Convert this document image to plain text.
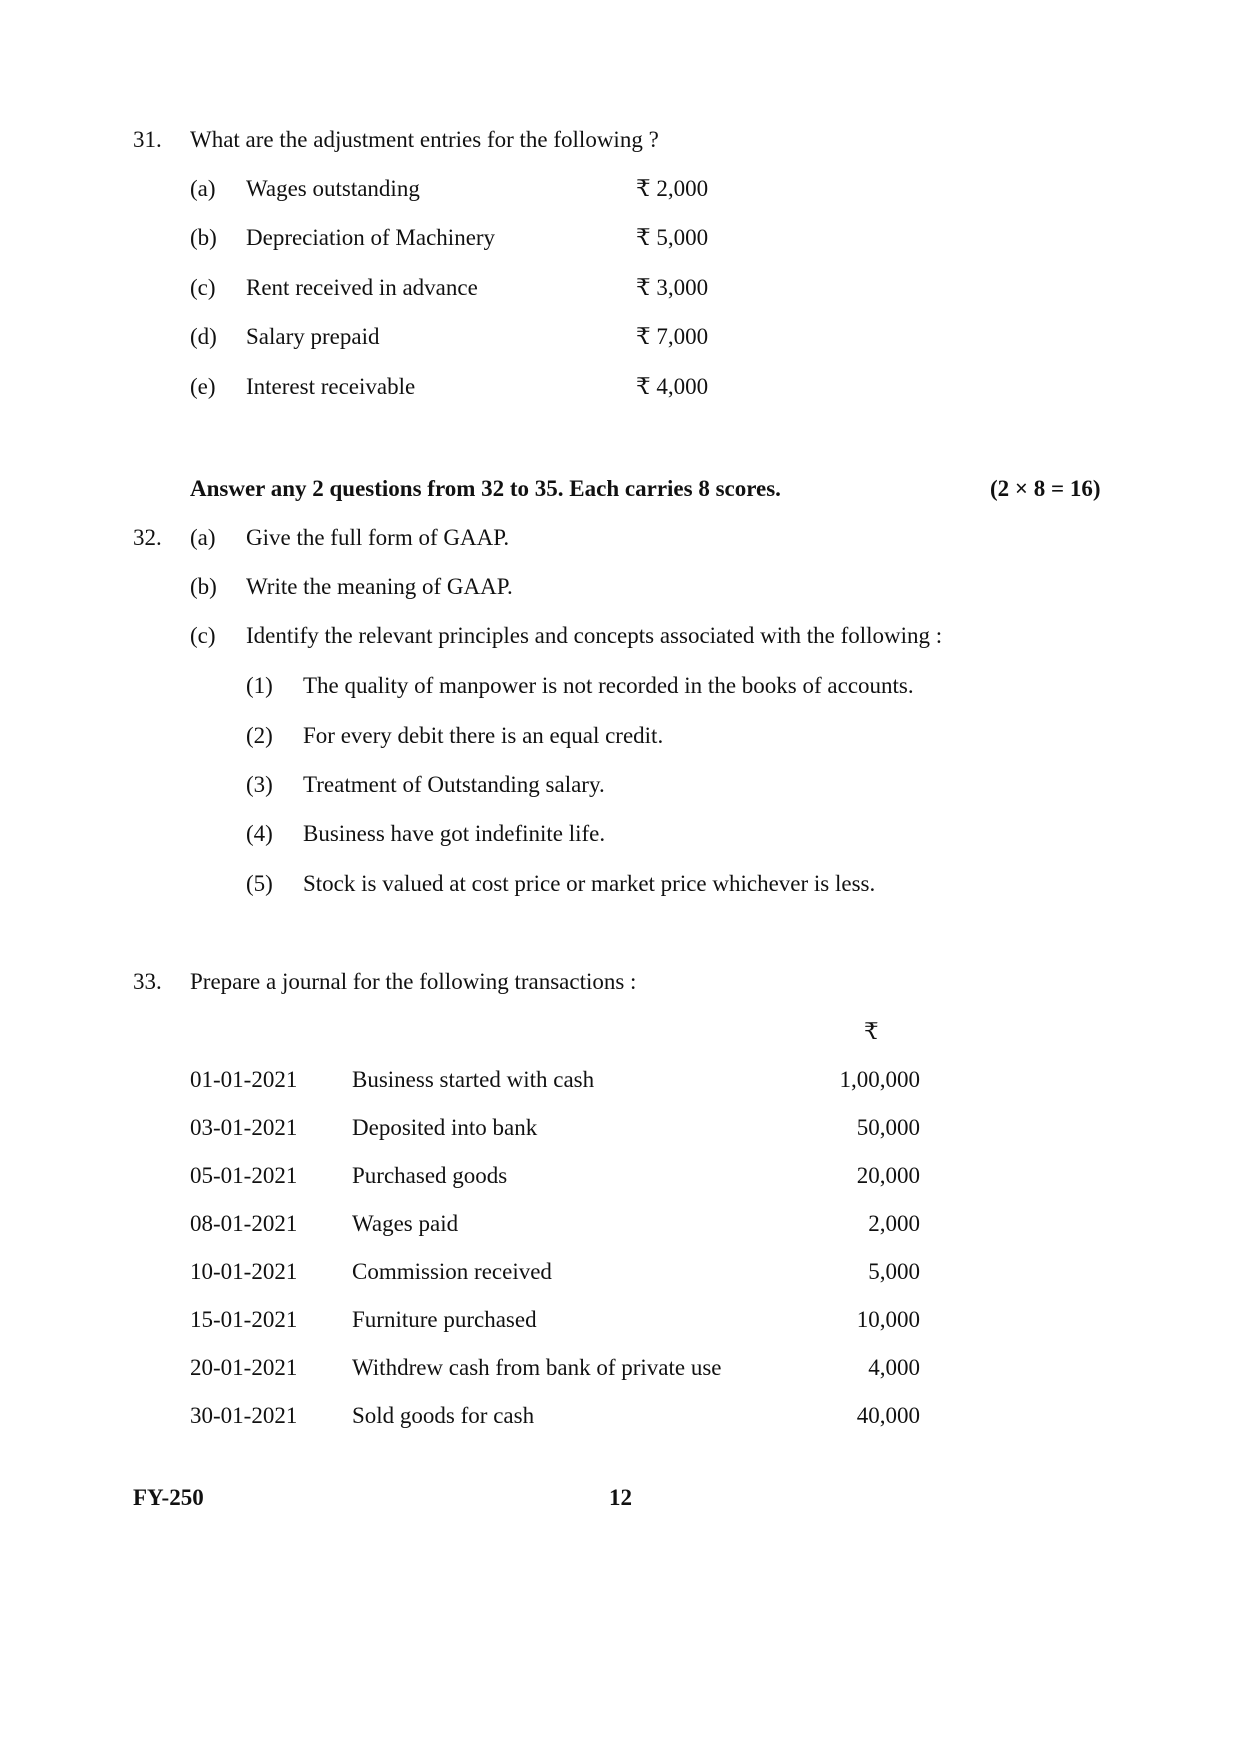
31. What are the adjustment entries for the following ?
(a) Wages outstanding	₹ 2,000
(b) Depreciation of Machinery	₹ 5,000
(c) Rent received in advance	₹ 3,000
(d) Salary prepaid	₹ 7,000
(e) Interest receivable	₹ 4,000
Answer any 2 questions from 32 to 35. Each carries 8 scores.	(2 × 8 = 16)
32. (a) Give the full form of GAAP.
(b) Write the meaning of GAAP.
(c) Identify the relevant principles and concepts associated with the following :
(1) The quality of manpower is not recorded in the books of accounts.
(2) For every debit there is an equal credit.
(3) Treatment of Outstanding salary.
(4) Business have got indefinite life.
(5) Stock is valued at cost price or market price whichever is less.
33. Prepare a journal for the following transactions :
₹
01-01-2021 Business started with cash	1,00,000
03-01-2021 Deposited into bank	50,000
05-01-2021 Purchased goods	20,000
08-01-2021 Wages paid	2,000
10-01-2021 Commission received	5,000
15-01-2021 Furniture purchased	10,000
20-01-2021 Withdrew cash from bank of private use	4,000
30-01-2021 Sold goods for cash	40,000
FY-250	12
